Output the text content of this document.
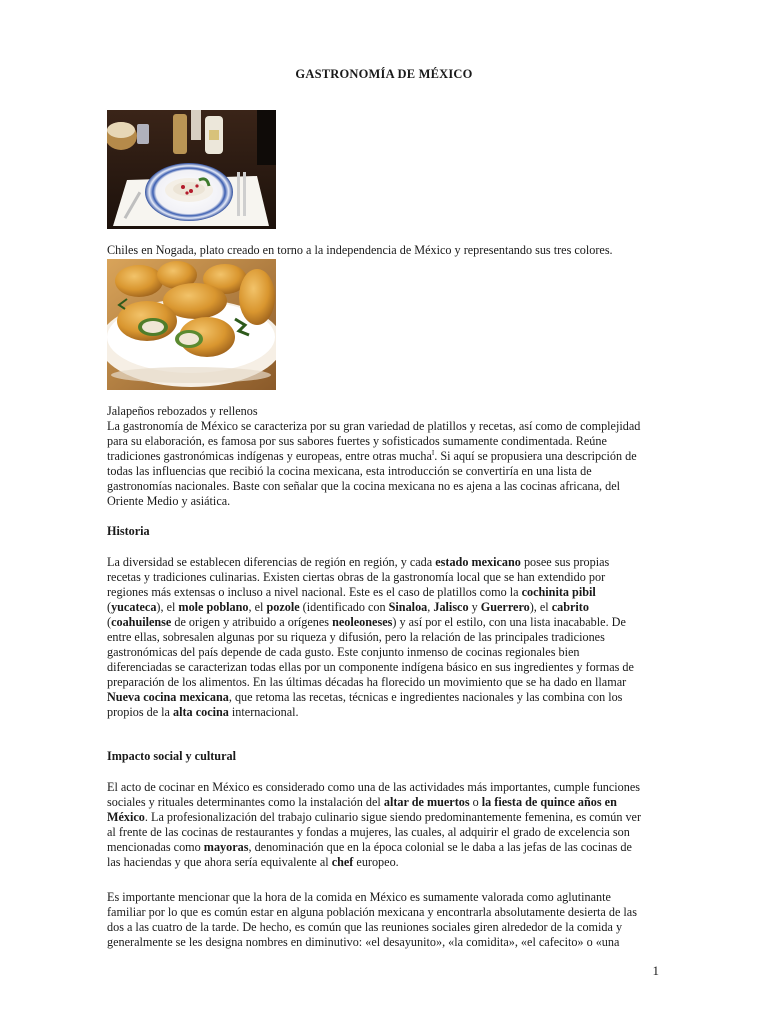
GASTRONOMÍA DE MÉXICO
Chiles en Nogada, plato creado en torno a la independencia de México y representando sus tres colores.
Jalapeños rebozados y rellenos
La gastronomía de México se caracteriza por su gran variedad de platillos y recetas, así como de complejidad
para su elaboración, es famosa por sus sabores fuertes y sofisticados sumamente condimentada. Reúne
tradiciones gastronómicas indígenas y europeas, entre otras mucha$^I$. Si aquí se propusiera una descripción de
todas las influencias que recibió la cocina mexicana, esta introducción se convertiría en una lista de
gastronomías nacionales. Baste con señalar que la cocina mexicana no es ajena a las cocinas africana, del
Oriente Medio y asiática.
Historia
La diversidad se establecen diferencias de región en región, y cada estado mexicano posee sus propias
recetas y tradiciones culinarias. Existen ciertas obras de la gastronomía local que se han extendido por
regiones más extensas o incluso a nivel nacional. Este es el caso de platillos como la cochinita pibil
(yucateca), el mole poblano, el pozole (identificado con Sinaloa, Jalisco y Guerrero), el cabrito
(coahuilense de origen y atribuido a orígenes neoleoneses) y así por el estilo, con una lista inacabable. De
entre ellas, sobresalen algunas por su riqueza y difusión, pero la relación de las principales tradiciones
gastronómicas del país depende de cada gusto. Este conjunto inmenso de cocinas regionales bien
diferenciadas se caracterizan todas ellas por un componente indígena básico en sus ingredientes y formas de
preparación de los alimentos. En las últimas décadas ha florecido un movimiento que se ha dado en llamar
Nueva cocina mexicana, que retoma las recetas, técnicas e ingredientes nacionales y las combina con los
propios de la alta cocina internacional.
Impacto social y cultural
El acto de cocinar en México es considerado como una de las actividades más importantes, cumple funciones
sociales y rituales determinantes como la instalación del altar de muertos o la fiesta de quince años en
México. La profesionalización del trabajo culinario sigue siendo predominantemente femenina, es común ver
al frente de las cocinas de restaurantes y fondas a mujeres, las cuales, al adquirir el grado de excelencia son
mencionadas como mayoras, denominación que en la época colonial se le daba a las jefas de las cocinas de
las haciendas y que ahora sería equivalente al chef europeo.
Es importante mencionar que la hora de la comida en México es sumamente valorada como aglutinante
familiar por lo que es común estar en alguna población mexicana y encontrarla absolutamente desierta de las
dos a las cuatro de la tarde. De hecho, es común que las reuniones sociales giren alrededor de la comida y
generalmente se les designa nombres en diminutivo: «el desayunito», «la comidita», «el cafecito» o «una
1
